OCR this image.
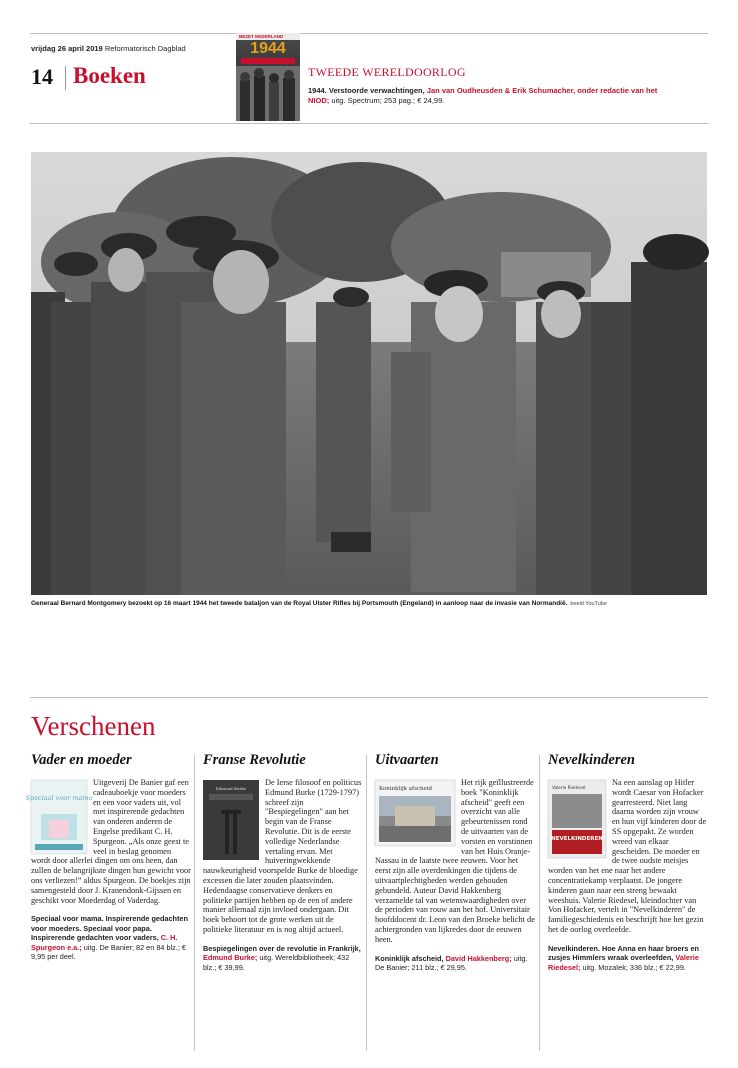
vrijdag 26 april 2019 Reformatorisch Dagblad
14 Boeken
BEZET NEDERLAND
1944
TWEEDE WERELDOORLOG
1944. Verstoorde verwachtingen, Jan van Oudheusden & Erik Schumacher, onder redactie van het NIOD; uitg. Spectrum; 253 pag.; € 24,99.
Generaal Bernard Montgomery bezoekt op 16 maart 1944 het tweede bataljon van de Royal Ulster Rifles bij Portsmouth (Engeland) in aanloop naar de invasie van Normandië. beeld YouTube
Verschenen
Vader en moeder
Speciaal voor mama
Uitgeverij De Banier gaf een cadeauboekje voor moeders en een voor vaders uit, vol met inspirerende gedachten van onderen anderen de Engelse predikant C. H. Spurgeon. „Als onze geest te veel in beslag genomen wordt door allerlei dingen om ons heen, dan zullen de belangrijkste dingen hun gewicht voor ons verliezen!” aldus Spurgeon. De boekjes zijn samengesteld door J. Kranendonk-Gijssen en geschikt voor Moederdag of Vaderdag.
Speciaal voor mama. Inspirerende gedachten voor moeders. Speciaal voor papa. Inspirerende gedachten voor vaders, C. H. Spurgeon e.a.; uitg. De Banier; 82 en 84 blz.; € 9,95 per deel.
Franse Revolutie
Edmund Burke
De Ierse filosoof en politicus Edmund Burke (1729-1797) schreef zijn "Bespiegelingen" aan het begin van de Franse Revolutie. Dit is de eerste volledige Nederlandse vertaling ervan. Met huiveringwekkende nauwkeurigheid voorspelde Burke de bloedige excessen die later zouden plaatsvinden. Hedendaagse conservatieve denkers en politieke partijen hebben op de een of andere manier allemaal zijn invloed ondergaan. Dit boek behoort tot de grote werken uit de politieke literatuur en is nog altijd actueel.
Bespiegelingen over de revolutie in Frankrijk, Edmund Burke; uitg. Wereldbibliotheek; 432 blz.; € 39,99.
Uitvaarten
Koninklijk afscheid
Het rijk geïllustreerde boek "Koninklijk afscheid" geeft een overzicht van alle gebeurtenissen rond de uitvaarten van de vorsten en vorstinnen van het Huis Oranje-Nassau in de laatste twee eeuwen. Voor het eerst zijn alle overdenkingen die tijdens de uitvaartplechtigheden werden gehouden gebundeld. Auteur David Hakkenberg verzamelde tal van wetenswaardigheden over de perioden van rouw aan het hof. Universitair hoofddocent dr. Leon van den Broeke belicht de achtergronden van lijkredes door de eeuwen heen.
Koninklijk afscheid, David Hakkenberg; uitg. De Banier; 211 blz.; € 29,95.
Nevelkinderen
Valerie Riedesel
NEVELKINDEREN
Na een aanslag op Hitler wordt Caesar von Hofacker gearresteerd. Niet lang daarna worden zijn vrouw en hun vijf kinderen door de SS opgepakt. Ze worden wreed van elkaar gescheiden. De moeder en de twee oudste meisjes worden van het ene naar het andere concentratiekamp verplaatst. De jongere kinderen gaan naar een streng bewaakt weeshuis. Valerie Riedesel, kleindochter van Von Hofacker, vertelt in "Nevelkinderen" de familiegeschiedenis en beschrijft hoe het gezin het de oorlog overleefde.
Nevelkinderen. Hoe Anna en haar broers en zusjes Himmlers wraak overleefden, Valerie Riedesel; uitg. Mozaïek; 336 blz.; € 22,99.
